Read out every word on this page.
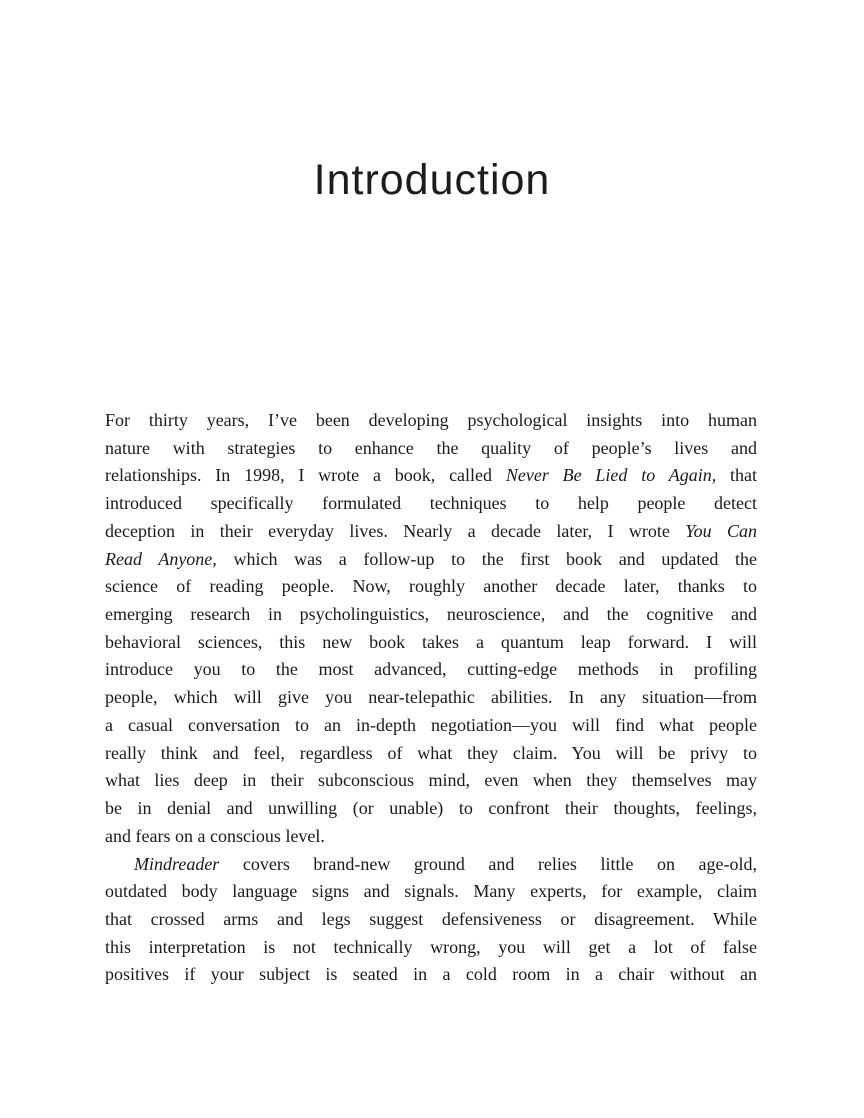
Introduction
For thirty years, I’ve been developing psychological insights into human
nature with strategies to enhance the quality of people’s lives and
relationships. In 1998, I wrote a book, called Never Be Lied to Again, that
introduced specifically formulated techniques to help people detect
deception in their everyday lives. Nearly a decade later, I wrote You Can
Read Anyone, which was a follow-up to the first book and updated the
science of reading people. Now, roughly another decade later, thanks to
emerging research in psycholinguistics, neuroscience, and the cognitive and
behavioral sciences, this new book takes a quantum leap forward. I will
introduce you to the most advanced, cutting-edge methods in profiling
people, which will give you near-telepathic abilities. In any situation—from
a casual conversation to an in-depth negotiation—you will find what people
really think and feel, regardless of what they claim. You will be privy to
what lies deep in their subconscious mind, even when they themselves may
be in denial and unwilling (or unable) to confront their thoughts, feelings,
and fears on a conscious level.
Mindreader covers brand-new ground and relies little on age-old,
outdated body language signs and signals. Many experts, for example, claim
that crossed arms and legs suggest defensiveness or disagreement. While
this interpretation is not technically wrong, you will get a lot of false
positives if your subject is seated in a cold room in a chair without an
